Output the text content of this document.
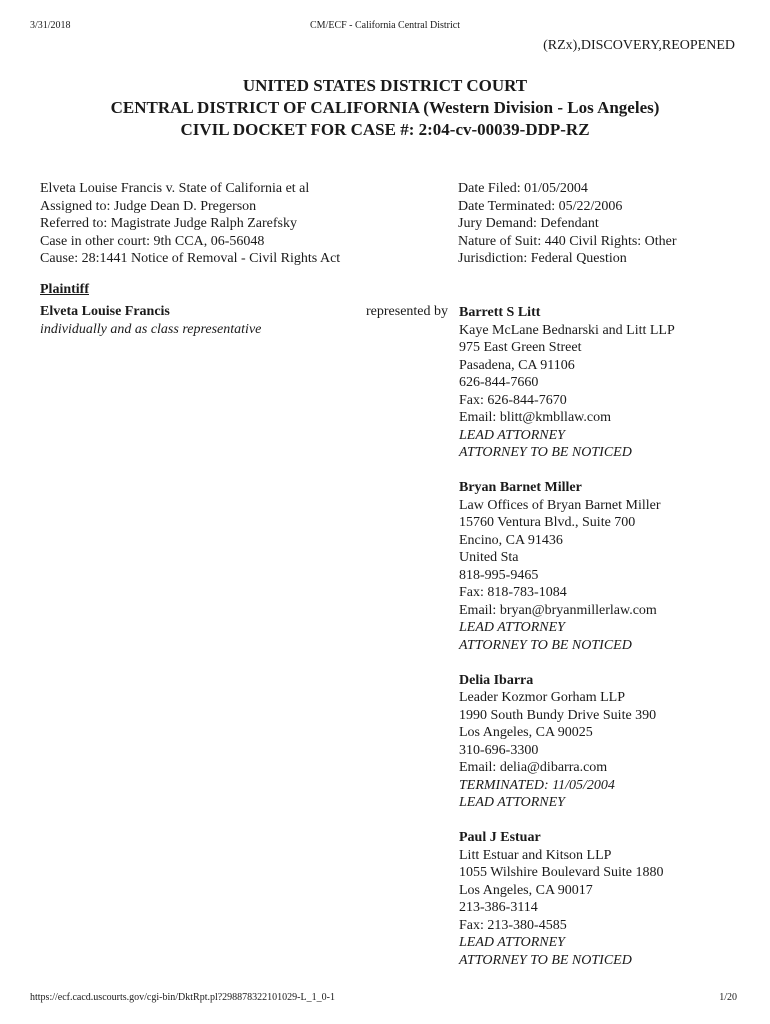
3/31/2018	CM/ECF - California Central District
(RZx),DISCOVERY,REOPENED
UNITED STATES DISTRICT COURT
CENTRAL DISTRICT OF CALIFORNIA (Western Division - Los Angeles)
CIVIL DOCKET FOR CASE #: 2:04-cv-00039-DDP-RZ
Elveta Louise Francis v. State of California et al
Assigned to: Judge Dean D. Pregerson
Referred to: Magistrate Judge Ralph Zarefsky
Case in other court: 9th CCA, 06-56048
Cause: 28:1441 Notice of Removal - Civil Rights Act
Date Filed: 01/05/2004
Date Terminated: 05/22/2006
Jury Demand: Defendant
Nature of Suit: 440 Civil Rights: Other
Jurisdiction: Federal Question
Plaintiff
Elveta Louise Francis
individually and as class representative
represented by Barrett S Litt
Kaye McLane Bednarski and Litt LLP
975 East Green Street
Pasadena, CA 91106
626-844-7660
Fax: 626-844-7670
Email: blitt@kmbllaw.com
LEAD ATTORNEY
ATTORNEY TO BE NOTICED
Bryan Barnet Miller
Law Offices of Bryan Barnet Miller
15760 Ventura Blvd., Suite 700
Encino, CA 91436
United Sta
818-995-9465
Fax: 818-783-1084
Email: bryan@bryanmillerlaw.com
LEAD ATTORNEY
ATTORNEY TO BE NOTICED
Delia Ibarra
Leader Kozmor Gorham LLP
1990 South Bundy Drive Suite 390
Los Angeles, CA 90025
310-696-3300
Email: delia@dibarra.com
TERMINATED: 11/05/2004
LEAD ATTORNEY
Paul J Estuar
Litt Estuar and Kitson LLP
1055 Wilshire Boulevard Suite 1880
Los Angeles, CA 90017
213-386-3114
Fax: 213-380-4585
LEAD ATTORNEY
ATTORNEY TO BE NOTICED
https://ecf.cacd.uscourts.gov/cgi-bin/DktRpt.pl?298878322101029-L_1_0-1	1/20
